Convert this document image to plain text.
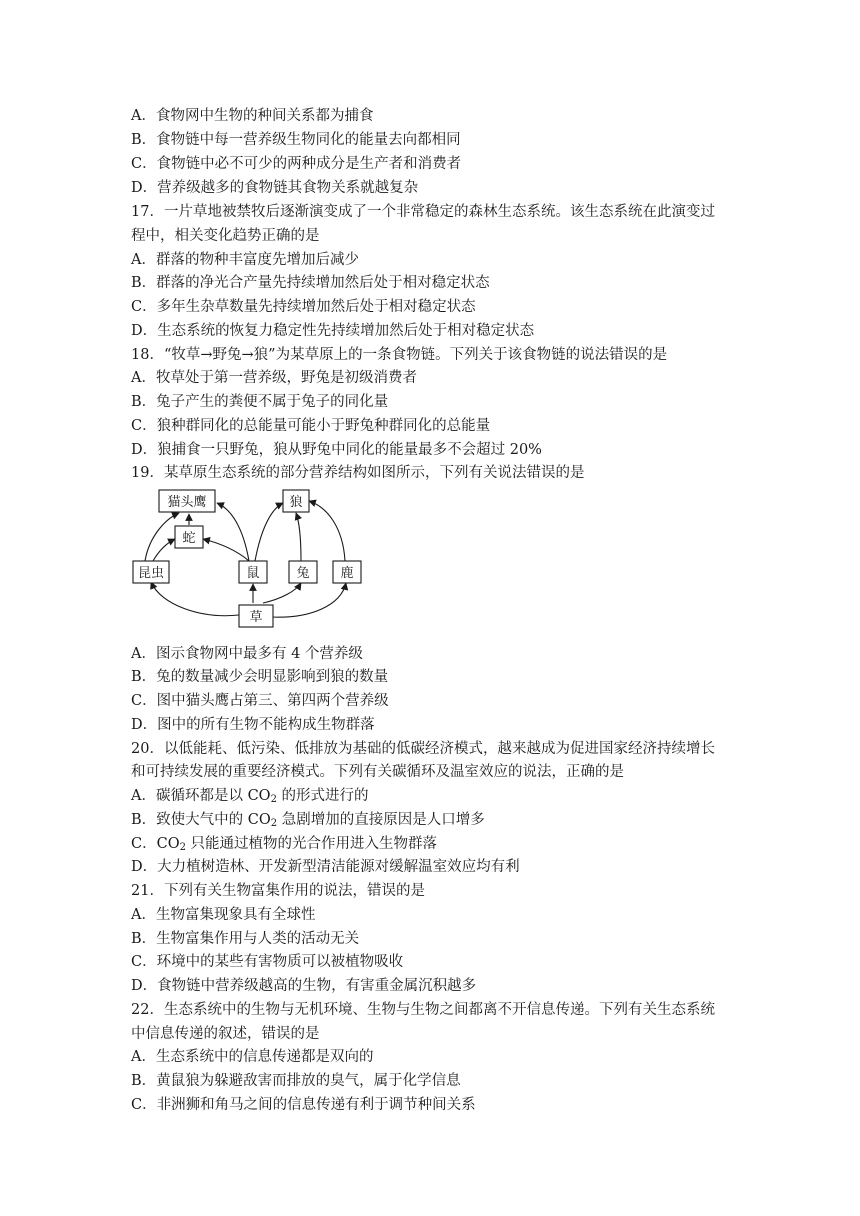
A．食物网中生物的种间关系都为捕食
B．食物链中每一营养级生物同化的能量去向都相同
C．食物链中必不可少的两种成分是生产者和消费者
D．营养级越多的食物链其食物关系就越复杂
17．一片草地被禁牧后逐渐演变成了一个非常稳定的森林生态系统。该生态系统在此演变过
程中，相关变化趋势正确的是
A．群落的物种丰富度先增加后减少
B．群落的净光合产量先持续增加然后处于相对稳定状态
C．多年生杂草数量先持续增加然后处于相对稳定状态
D．生态系统的恢复力稳定性先持续增加然后处于相对稳定状态
18．“牧草→野兔→狼”为某草原上的一条食物链。下列关于该食物链的说法错误的是
A．牧草处于第一营养级，野兔是初级消费者
B．兔子产生的粪便不属于兔子的同化量
C．狼种群同化的总能量可能小于野兔种群同化的总能量
D．狼捕食一只野兔，狼从野兔中同化的能量最多不会超过 20%
19．某草原生态系统的部分营养结构如图所示，下列有关说法错误的是
猫头鹰	狼
蛇
昆虫	鼠	兔 鹿
草
A．图示食物网中最多有 4 个营养级
B．兔的数量减少会明显影响到狼的数量
C．图中猫头鹰占第三、第四两个营养级
D．图中的所有生物不能构成生物群落
20．以低能耗、低污染、低排放为基础的低碳经济模式，越来越成为促进国家经济持续增长
和可持续发展的重要经济模式。下列有关碳循环及温室效应的说法，正确的是
A．碳循环都是以 $CO_2$ 的形式进行的
B．致使大气中的 $CO_2$ 急剧增加的直接原因是人口增多
C．$CO_2$ 只能通过植物的光合作用进入生物群落
D．大力植树造林、开发新型清洁能源对缓解温室效应均有利
21．下列有关生物富集作用的说法，错误的是
A．生物富集现象具有全球性
B．生物富集作用与人类的活动无关
C．环境中的某些有害物质可以被植物吸收
D．食物链中营养级越高的生物，有害重金属沉积越多
22．生态系统中的生物与无机环境、生物与生物之间都离不开信息传递。下列有关生态系统
中信息传递的叙述，错误的是
A．生态系统中的信息传递都是双向的
B．黄鼠狼为躲避敌害而排放的臭气，属于化学信息
C．非洲狮和角马之间的信息传递有利于调节种间关系
